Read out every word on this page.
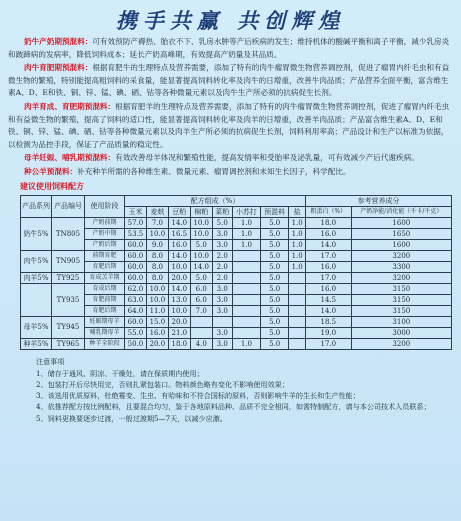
携手共赢 共创辉煌
奶牛产奶期预混料：可有效预防产褥热、胎衣不下、乳房水肿等产后疾病的发生；维持机体的酸碱平衡和离子平衡，减少乳房炎和跛蹄病的发病率，降低饲料成本；延长产奶高峰期，有效提高产奶量及其品质。
肉牛育肥期预混料：根据育肥牛的生理特点及营养需要，添加了特有的肉牛瘤胃微生物营养调控剂，促进了瘤胃内纤毛虫和有益微生物的繁殖，特别能提高粗饲料的采食量，能显著提高饲料转化率及肉牛的日增重，改善牛肉品质；产品营养全面平衡，富含维生素A、D、E和铁、铜、锌、锰、碘、硒、钴等各种微量元素以及肉牛生产所必须的抗病促生长剂。
肉羊育成、育肥期预混料：根据育肥羊的生理特点及营养需要，添加了特有的肉牛瘤胃微生物营养调控剂，促进了瘤胃内纤毛虫和有益微生物的繁殖，提高了饲料的适口性，能显著提高饲料转化率及肉羊的日增重，改善羊肉品质；产品富含维生素A、D、E和铁、铜、锌、锰、碘、硒、钴等各种微量元素以及肉羊生产所必须的抗病促生长剂，饲料利用率高；产品设计和生产以标准为依据，以检测为品控手段，保证了产品质量的稳定性。
母羊妊娠、哺乳期预混料：有效改善母羊体况和繁殖性能，提高发情率和受胎率及泌乳量，可有效减少产后代谢疾病。
种公羊预混料：补充种羊所需的各种维生素、微量元素、瘤胃调控剂和未知生长因子，科学配比。
建议使用饲料配方
产品系列	产品编号	使用阶段	配方组成（%）								参考营养成分	
			玉米	麦麸	豆粕	棉粕	菜粕	小苏打	预混料	盐	粗蛋白（%）	产奶净能/消化能（千卡/千克）
奶牛5%	TN805	产奶前期	57.0	7.0	14.0	10.0	5.0	1.0	5.0	1.0	18.0	1600
		产奶中期	53.5	10.0	16.5	10.0	3.0	1.0	5.0	1.0	16.0	1650
		产奶后期	60.0	9.0	16.0	5.0	3.0	1.0	5.0	1.0	14.0	1600
肉牛5%	TN905	前期育肥	60.0	8.0	14.0	10.0	2.0		5.0	1.0	17.0	3200
		育肥后期	60.0	8.0	10.0	14.0	2.0		5.0	1.0	16.0	3300
肉羊5%	TY925	育成羔羊期	60.0	8.0	20.0	5.0	2.0		5.0		17.0	3200
	TY935	育成后期	62.0	10.0	14.0	6.0	3.0		5.0		16.0	3150
		育肥前期	63.0	10.0	13.0	6.0	3.0		5.0		14.5	3150
		育肥后期	64.0	11.0	10.0	7.0	3.0		5.0		14.0	3150
母羊5%	TY945	妊娠期母羊	60.0	15.0	20.0				5.0		18.5	3100
		哺乳期母羊	55.0	16.0	21.0		3.0		5.0		19.0	3000
种羊5%	TY965	种羊全阶段	50.0	20.0	18.0	4.0	3.0	1.0	5.0		17.0	3200
注意事项
1、储存于通风、阴凉、干燥处，请在保质期内使用；
2、包装打开后尽快用完，否则扎紧包装口。物料颜色略有变化不影响使用效果；
3、该选用优质原料，杜绝霉变、生虫、有哈味和不符合国标的原料，否则影响牛羊的生长和生产性能；
4、依推荐配方按比例配料，且要混合均匀，鉴于各地原料品种、品质不完全相同，如需特制配方，请与本公司技术人员联系；
5、饲料更换要逐步过渡，一般过渡期5—7天，以减少应激。
